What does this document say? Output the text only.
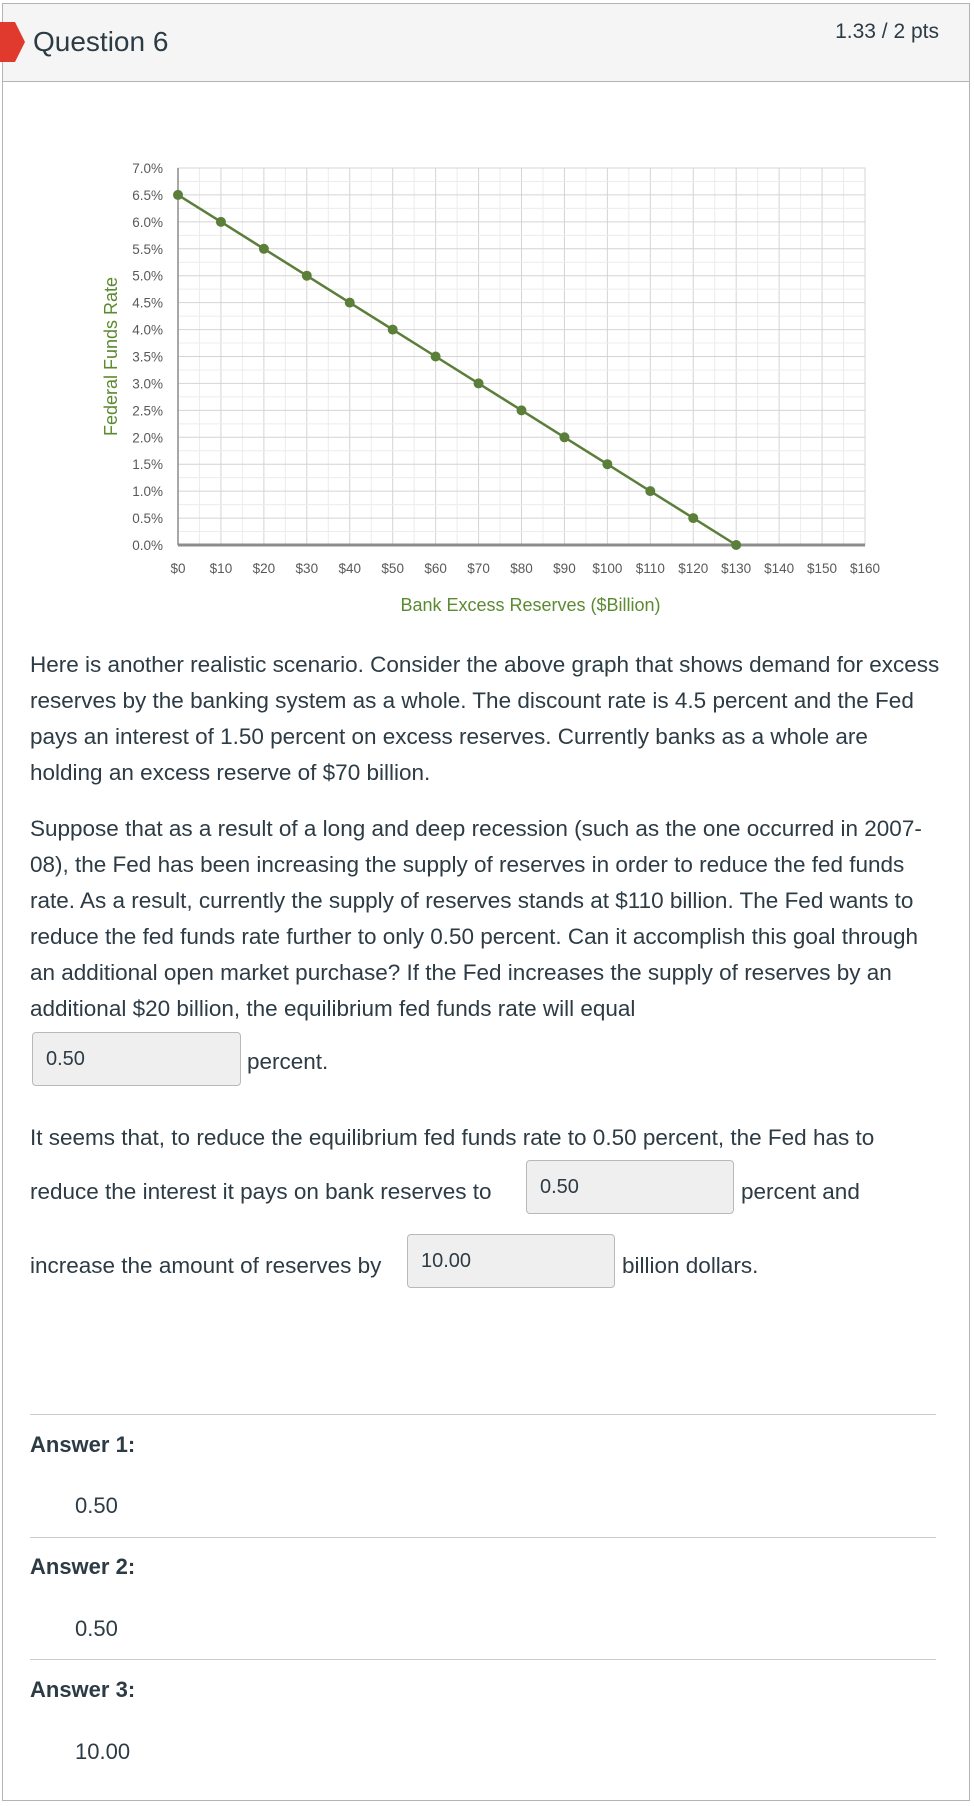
Question 6	1.33 / 2 pts
$0 $10 $20 $30 $40 $50 $60 $70 $80 $90 $100 $110 $120 $130 $140 $150 $160
0.0%
0.5%
1.0%
1.5%
2.0%
2.5%
3.0%
3.5%
4.0%
4.5%
5.0%
5.5%
6.0%
6.5%
7.0%
Bank Excess Reserves ($Billion)
Federal Funds Rate

Here is another realistic scenario. Consider the above graph that shows demand for excess reserves by the banking system as a whole. The discount rate is 4.5 percent and the Fed pays an interest of 1.50 percent on excess reserves. Currently banks as a whole are holding an excess reserve of $70 billion.

Suppose that as a result of a long and deep recession (such as the one occurred in 2007-08), the Fed has been increasing the supply of reserves in order to reduce the fed funds rate. As a result, currently the supply of reserves stands at $110 billion. The Fed wants to reduce the fed funds rate further to only 0.50 percent. Can it accomplish this goal through an additional open market purchase? If the Fed increases the supply of reserves by an additional $20 billion, the equilibrium fed funds rate will equal

0.50	percent.
It seems that, to reduce the equilibrium fed funds rate to 0.50 percent, the Fed has to
reduce the interest it pays on bank reserves to	0.50	percent and
increase the amount of reserves by	10.00	billion dollars.
Answer 1:
0.50
Answer 2:
0.50
Answer 3:
10.00
